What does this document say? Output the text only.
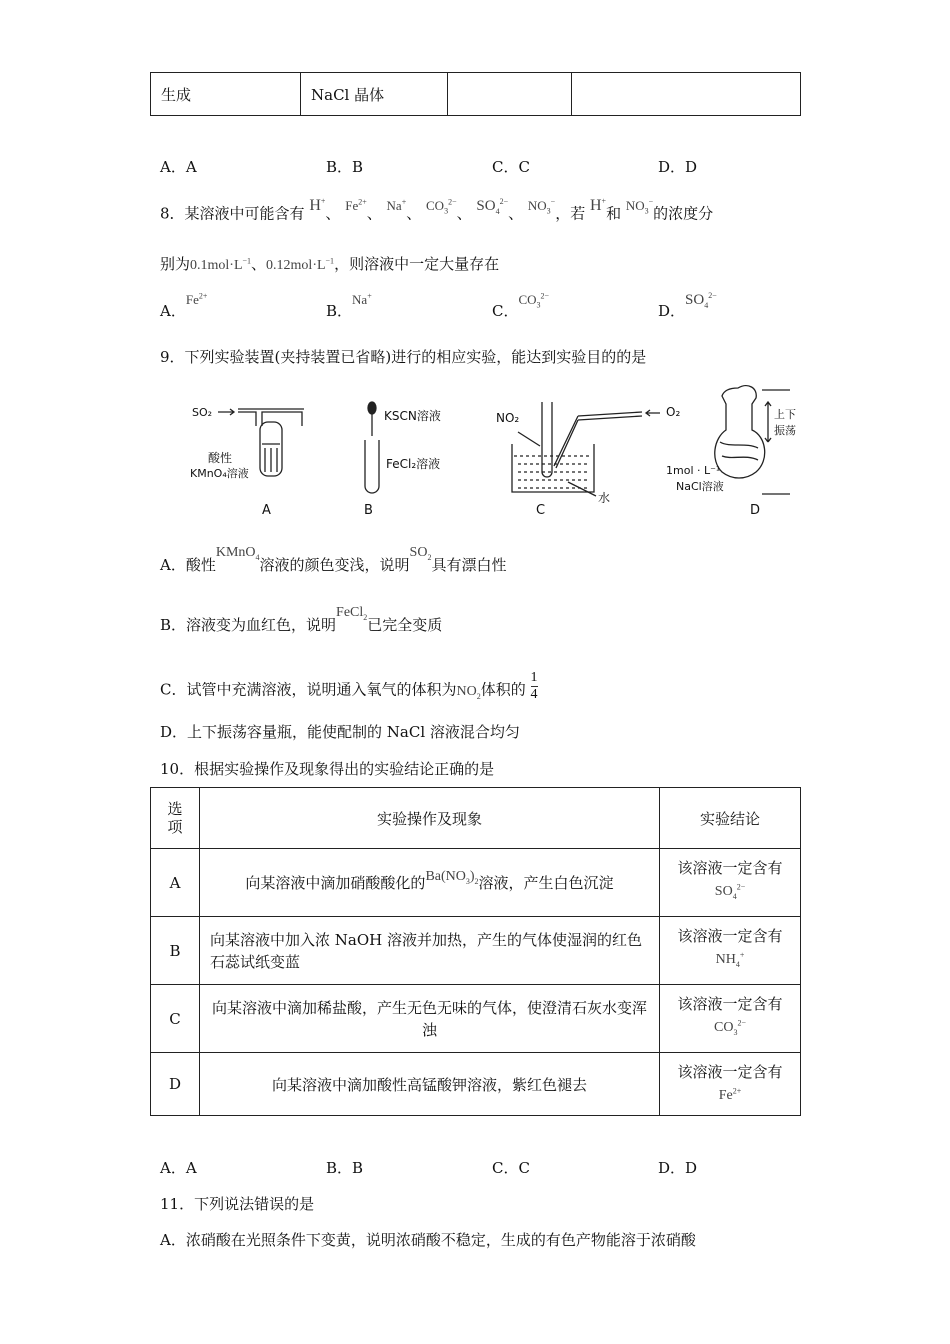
生成	NaCl 晶体		
A．A	B．B	C．C	D．D
8．某溶液中可能含有 H+、 $Fe^{2+}$、 Na+、 $CO_3^{2-}$、 $SO_4^{2-}$、 $NO_3^-$，若 H+和 $NO_3^-$的浓度分
别为$0.1mol\cdot L^{-1}$、$0.12mol\cdot L^{-1}$，则溶液中一定大量存在
A．$Fe^{2+}$
B．Na+
C．$CO_3^{2-}$
D．$SO_4^{2-}$
9．下列实验装置(夹持装置已省略)进行的相应实验，能达到实验目的的是
SO₂
酸性
KMnO₄溶液
A
KSCN溶液
FeCl₂溶液
B
NO₂	O₂
水
C
上下
振荡
1mol · L⁻¹
NaCl溶液
D
A．酸性KMnO$_4$溶液的颜色变浅，说明$SO_2$具有漂白性
B．溶液变为血红色，说明FeCl$_2$已完全变质
C．试管中充满溶液，说明通入氧气的体积为$NO_2$体积的 $\frac{1}{4}$
D．上下振荡容量瓶，能使配制的 NaCl 溶液混合均匀
10．根据实验操作及现象得出的实验结论正确的是
选
项	实验操作及现象	实验结论
A	向某溶液中滴加硝酸酸化的$Ba(NO_3)_2$溶液，产生白色沉淀	该溶液一定含有
$SO_4^{2-}$
B	向某溶液中加入浓 NaOH 溶液并加热，产生的气体使湿润的红色石蕊试纸变蓝	该溶液一定含有
$NH_4^+$
C	向某溶液中滴加稀盐酸，产生无色无味的气体，使澄清石灰水变浑浊	该溶液一定含有
$CO_3^{2-}$
D	向某溶液中滴加酸性高锰酸钾溶液，紫红色褪去	该溶液一定含有
$Fe^{2+}$
A．A	B．B	C．C	D．D
11．下列说法错误的是
A．浓硝酸在光照条件下变黄，说明浓硝酸不稳定，生成的有色产物能溶于浓硝酸
